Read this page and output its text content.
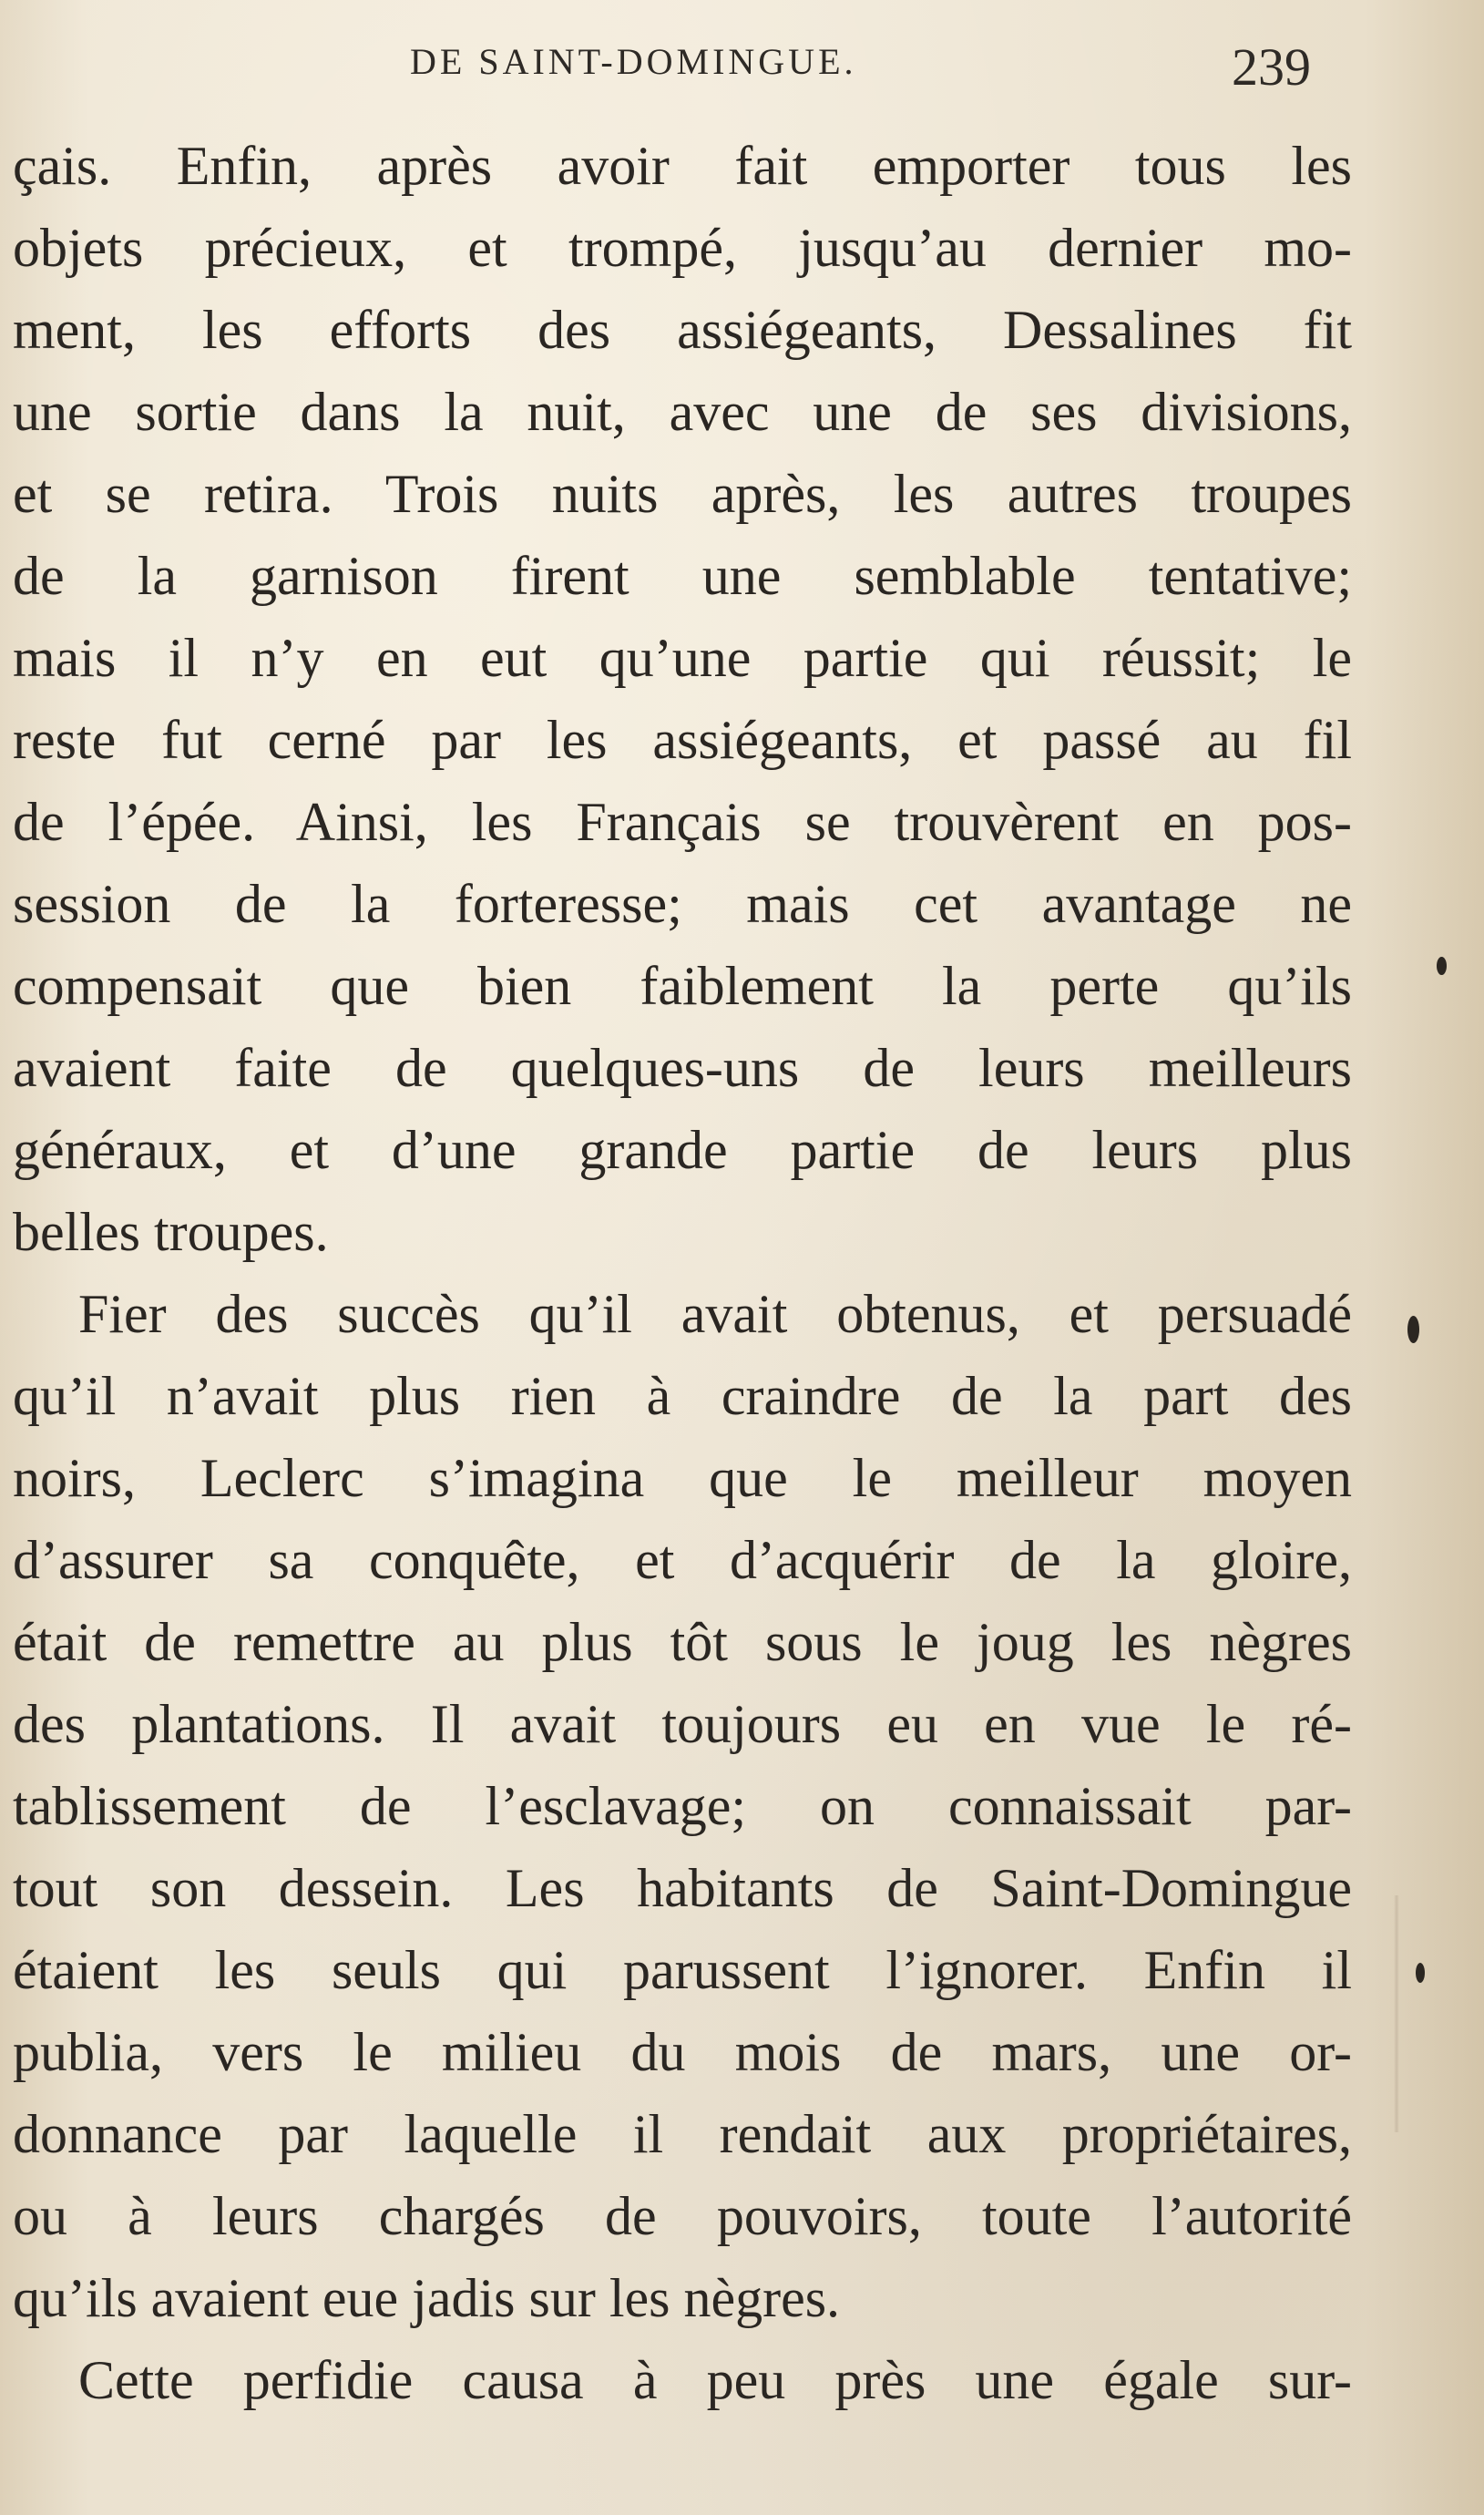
DE SAINT-DOMINGUE.	239
çais. Enfin, après avoir fait emporter tous les
objets précieux, et trompé, jusqu’au dernier mo-
ment, les efforts des assiégeants, Dessalines fit
une sortie dans la nuit, avec une de ses divisions,
et se retira. Trois nuits après, les autres troupes
de la garnison firent une semblable tentative;
mais il n’y en eut qu’une partie qui réussit; le
reste fut cerné par les assiégeants, et passé au fil
de l’épée. Ainsi, les Français se trouvèrent en pos-
session de la forteresse; mais cet avantage ne
compensait que bien faiblement la perte qu’ils
avaient faite de quelques-uns de leurs meilleurs
généraux, et d’une grande partie de leurs plus
belles troupes.
Fier des succès qu’il avait obtenus, et persuadé
qu’il n’avait plus rien à craindre de la part des
noirs, Leclerc s’imagina que le meilleur moyen
d’assurer sa conquête, et d’acquérir de la gloire,
était de remettre au plus tôt sous le joug les nègres
des plantations. Il avait toujours eu en vue le ré-
tablissement de l’esclavage; on connaissait par-
tout son dessein. Les habitants de Saint-Domingue
étaient les seuls qui parussent l’ignorer. Enfin il
publia, vers le milieu du mois de mars, une or-
donnance par laquelle il rendait aux propriétaires,
ou à leurs chargés de pouvoirs, toute l’autorité
qu’ils avaient eue jadis sur les nègres.
Cette perfidie causa à peu près une égale sur-
